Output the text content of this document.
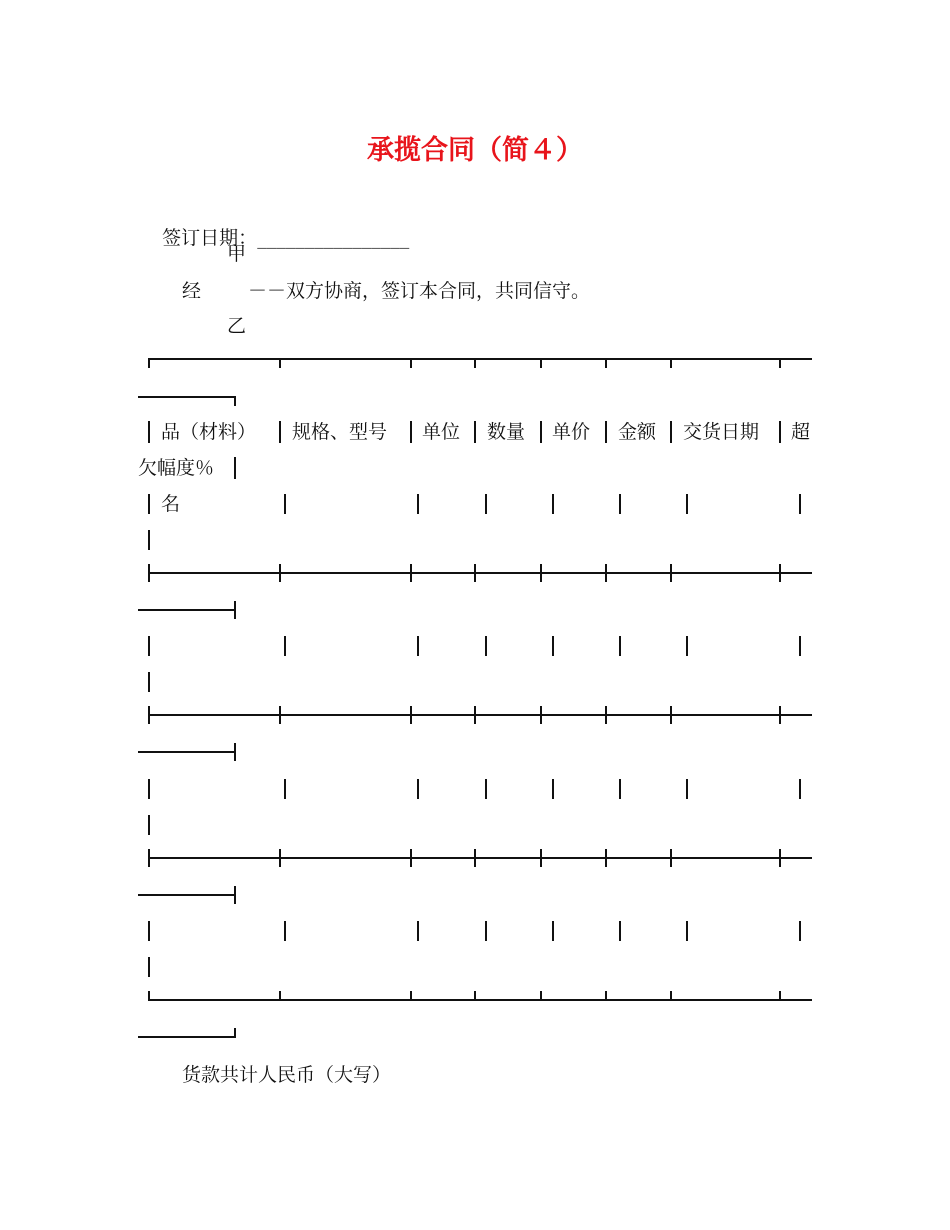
承揽合同（简４）

签订日期：________________

甲
经 －－双方协商，签订本合同，共同信守。
乙
品（材料） 规格、型号 单位 数量 单价 金额 交货日期 超
欠幅度％
名
货款共计人民币（大写）
